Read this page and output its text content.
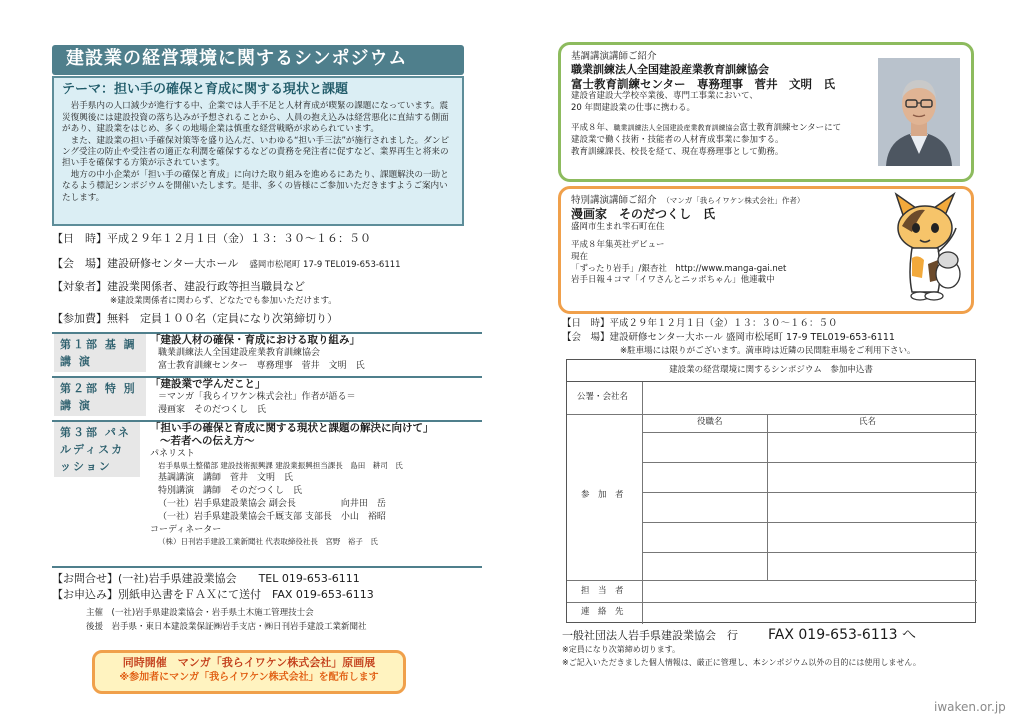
建設業の経営環境に関するシンポジウム
テーマ：担い手の確保と育成に関する現状と課題

岩手県内の人口減少が進行する中、企業では人手不足と人材育成が喫緊の課題になっています。震災復興後には建設投資の落ち込みが予想されることから、人員の抱え込みは経営悪化に直結する側面があり、建設業をはじめ、多くの地場企業は慎重な経営戦略が求められています。

また、建設業の担い手確保対策等を盛り込んだ、いわゆる“担い手三法”が施行されました。ダンピング受注の防止や受注者の適正な利潤を確保するなどの責務を発注者に促すなど、業界再生と将来の担い手を確保する方策が示されています。

地方の中小企業が「担い手の確保と育成」に向けた取り組みを進めるにあたり、課題解決の一助となるよう標記シンポジウムを開催いたします。是非、多くの皆様にご参加いただきますようご案内いたします。

【日　時】平成２９年１２月１日（金）１３：３０～１６：５０
【会　場】建設研修センター大ホール　 盛岡市松尾町 17-9 TEL019-653-6111
【対象者】建設業関係者、建設行政等担当職員など
※建設業関係者に関わらず、どなたでも参加いただけます。
【参加費】無料　定員１００名（定員になり次第締切り）
第１部 基 調 講 演
「建設人材の確保・育成における取り組み」
職業訓練法人全国建設産業教育訓練協会
富士教育訓練センター　専務理事　菅井　文明　氏
第２部 特 別 講 演
「建設業で学んだこと」
＝マンガ「我らイワケン株式会社」作者が語る＝
漫画家　そのだつくし　氏
第３部 パネルディスカッション
「担い手の確保と育成に関する現状と課題の解決に向けて」
～若者への伝え方～
パネリスト
岩手県県土整備部 建設技術振興課 建設業振興担当課長　島田　耕司　氏
基調講演　講師　菅井　文明　氏
特別講演　講師　そのだつくし　氏
（一社）岩手県建設業協会 副会長　　　　　向井田　岳
（一社）岩手県建設業協会千厩支部 支部長　小山　裕昭
コーディネーター
（株）日刊岩手建設工業新聞社 代表取締役社長　宮野　裕子　氏
【お問合せ】(一社)岩手県建設業協会　　TEL 019-653-6111
【お申込み】別紙申込書をＦＡＸにて送付　FAX 019-653-6113
主催　(一社)岩手県建設業協会・岩手県土木施工管理技士会
後援　岩手県・東日本建設業保証㈱岩手支店・㈱日刊岩手建設工業新聞社
同時開催　マンガ「我らイワケン株式会社」原画展
※参加者にマンガ「我らイワケン株式会社」を配布します
基調講演講師ご紹介
職業訓練法人全国建設産業教育訓練協会
富士教育訓練センター　専務理事　菅井　文明　氏
建設省建設大学校卒業後、専門工事業において、
20 年間建設業の仕事に携わる。
平成８年、職業訓練法人全国建設産業教育訓練協会富士教育訓練センターにて
建設業で働く技術・技能者の人材育成事業に参加する。
教育訓練課長、校長を経て、現在専務理事として勤務。
特別講演講師ご紹介　 （マンガ「我らイワケン株式会社」作者）
漫画家　そのだつくし　氏
盛岡市生まれ雫石町在住
平成８年集英社デビュー
現在
「ずったり岩手」/銀杏社　http://www.manga-gai.net
岩手日報４コマ「イワさんとニッポちゃん」他連載中
【日　時】平成２９年１２月１日（金）１３：３０～１６：５０
【会　場】建設研修センター大ホール 盛岡市松尾町 17-9 TEL019-653-6111
※駐車場には限りがございます。満車時は近隣の民間駐車場をご利用下さい。
建設業の経営環境に関するシンポジウム　参加申込書
公署・会社名
役職名	氏名
参　加　者
担　当　者
連　絡　先
一般社団法人岩手県建設業協会　行 FAX 019-653-6113 へ
※定員になり次第締め切ります。
※ご記入いただきました個人情報は、厳正に管理し、本シンポジウム以外の目的には使用しません。
iwaken.or.jp
